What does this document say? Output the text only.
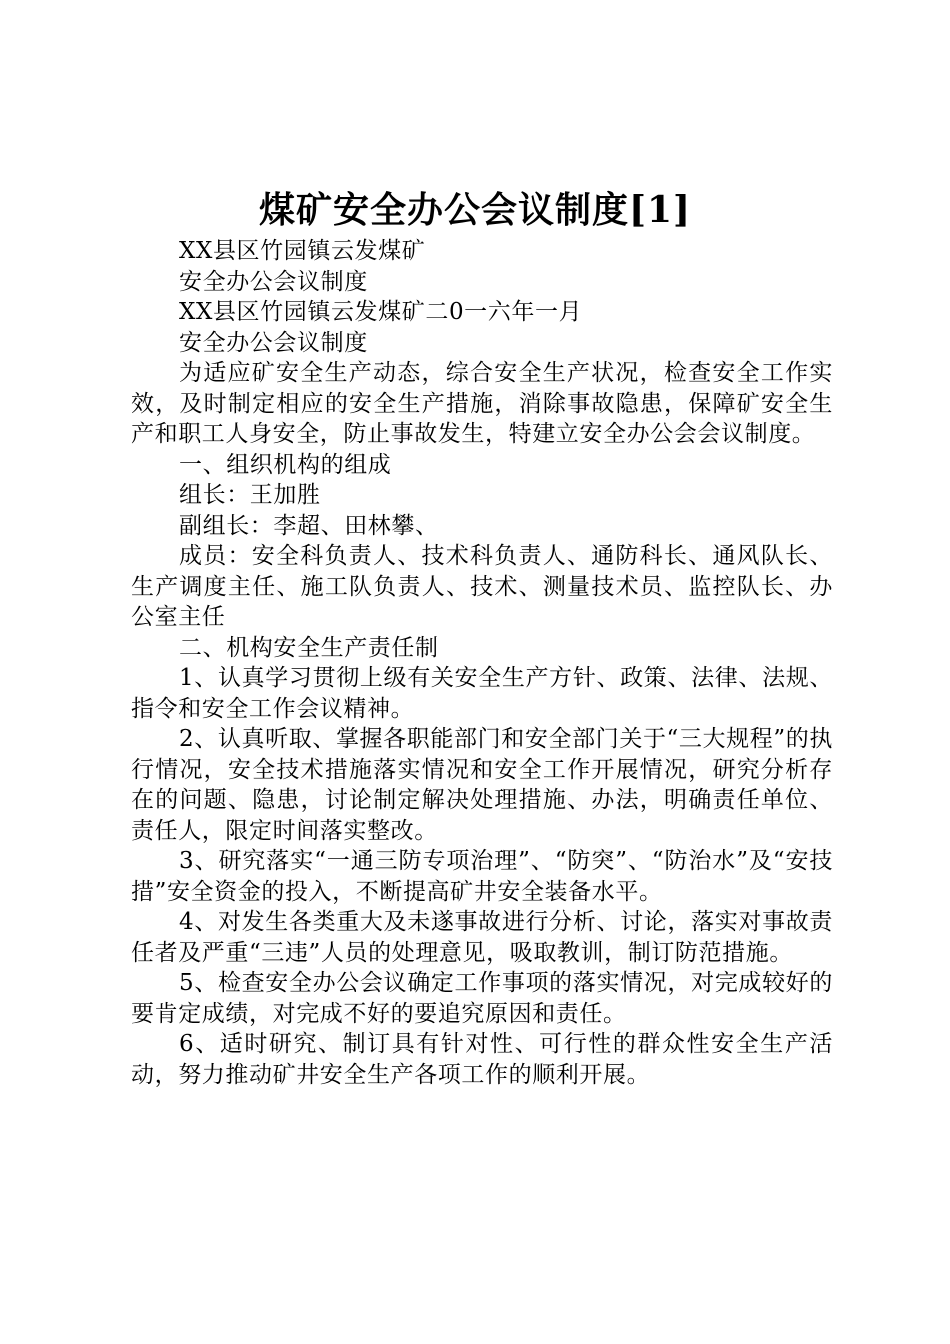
煤矿安全办公会议制度[1]

XX县区竹园镇云发煤矿

安全办公会议制度

XX县区竹园镇云发煤矿二0一六年一月

安全办公会议制度

为适应矿安全生产动态，综合安全生产状况，检查安全工作实效，及时制定相应的安全生产措施，消除事故隐患，保障矿安全生产和职工人身安全，防止事故发生，特建立安全办公会会议制度。

一、组织机构的组成

组长：王加胜

副组长：李超、田林攀、

成员：安全科负责人、技术科负责人、通防科长、通风队长、生产调度主任、施工队负责人、技术、测量技术员、监控队长、办公室主任

二、机构安全生产责任制

1、认真学习贯彻上级有关安全生产方针、政策、法律、法规、指令和安全工作会议精神。

2、认真听取、掌握各职能部门和安全部门关于“三大规程”的执行情况，安全技术措施落实情况和安全工作开展情况，研究分析存在的问题、隐患，讨论制定解决处理措施、办法，明确责任单位、责任人，限定时间落实整改。

3、研究落实“一通三防专项治理”、“防突”、“防治水”及“安技措”安全资金的投入，不断提高矿井安全装备水平。

4、对发生各类重大及未遂事故进行分析、讨论，落实对事故责任者及严重“三违”人员的处理意见，吸取教训，制订防范措施。

5、检查安全办公会议确定工作事项的落实情况，对完成较好的要肯定成绩，对完成不好的要追究原因和责任。

6、适时研究、制订具有针对性、可行性的群众性安全生产活动，努力推动矿井安全生产各项工作的顺利开展。
